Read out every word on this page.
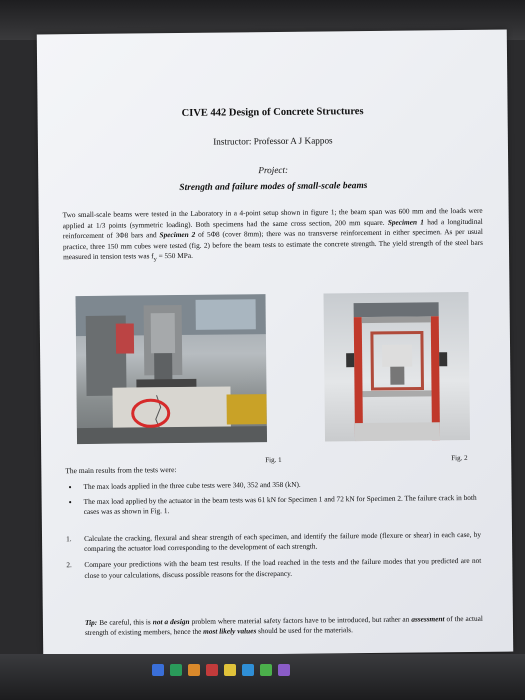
CIVE 442 Design of Concrete Structures
Instructor: Professor A J Kappos
Project:
Strength and failure modes of small-scale beams

Two small-scale beams were tested in the Laboratory in a 4-point setup shown in figure 1; the beam span was 600 mm and the loads were applied at 1/3 points (symmetric loading). Both specimens had the same cross section, 200 mm square. Specimen 1 had a longitudinal reinforcement of 3Φ8 bars and Specimen 2 of 5Φ8 (cover 8mm); there was no transverse reinforcement in either specimen. As per usual practice, three 150 mm cubes were tested (fig. 2) before the beam tests to estimate the concrete strength. The yield strength of the steel bars measured in tension tests was $f_y = 550$ MPa.

Fig. 1	Fig. 2
The main results from the tests were:
• The max loads applied in the three cube tests were 340, 352 and 358 (kN).
• The max load applied by the actuator in the beam tests was 61 kN for Specimen 1 and 72 kN for Specimen 2. The failure crack in both cases was as shown in Fig. 1.
1. Calculate the cracking, flexural and shear strength of each specimen, and identify the failure mode (flexure or shear) in each case, by comparing the actuator load corresponding to the development of each strength.
2. Compare your predictions with the beam test results. If the load reached in the tests and the failure modes that you predicted are not close to your calculations, discuss possible reasons for the discrepancy.
Tip: Be careful, this is not a design problem where material safety factors have to be introduced, but rather an assessment of the actual strength of existing members, hence the most likely values should be used for the materials.
